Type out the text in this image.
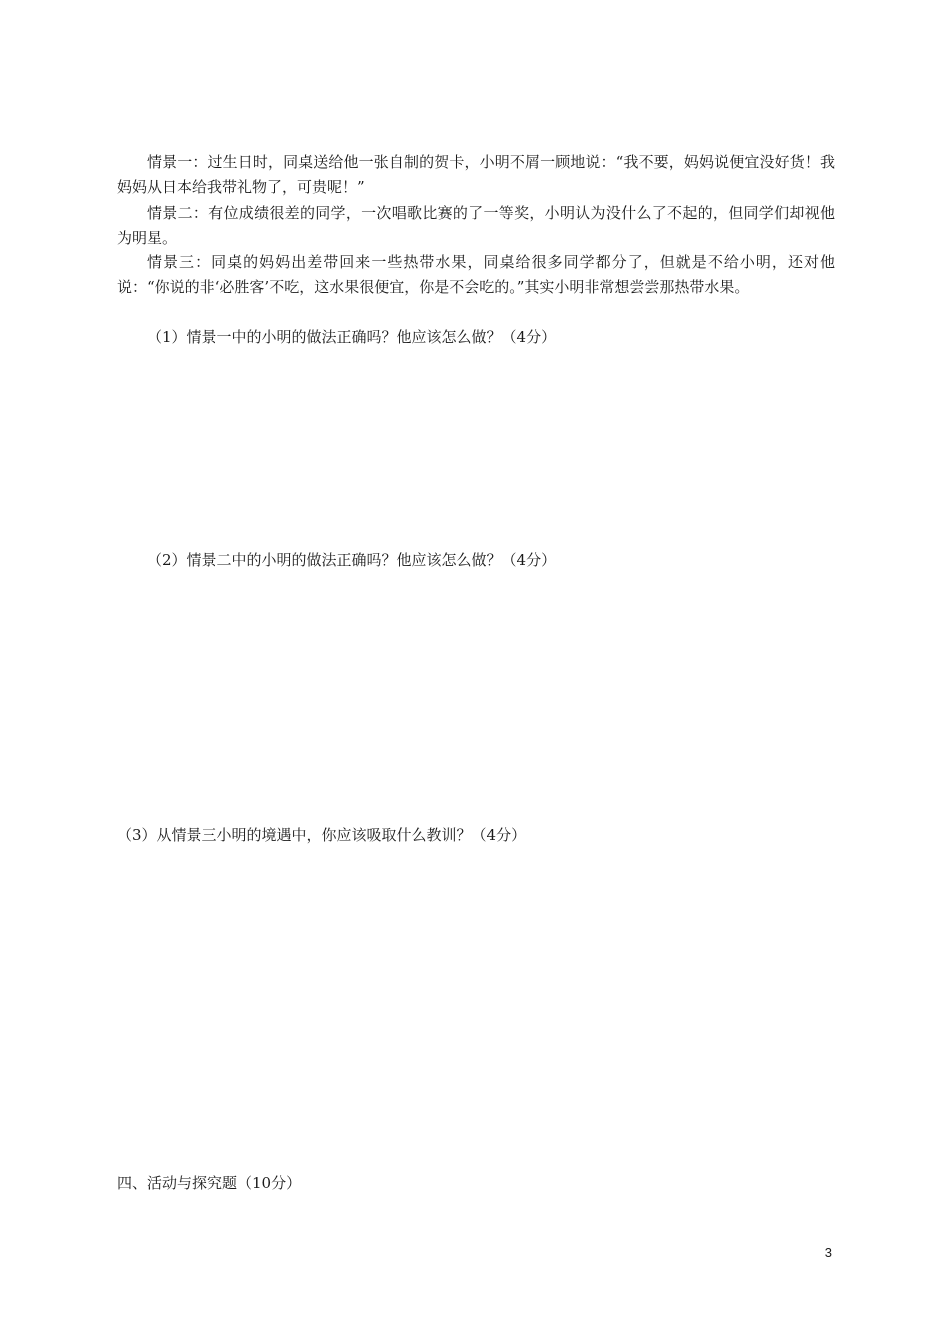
情景一：过生日时，同桌送给他一张自制的贺卡，小明不屑一顾地说：“我不要，妈妈说便宜没好货！我妈妈从日本给我带礼物了，可贵呢！”
情景二：有位成绩很差的同学，一次唱歌比赛的了一等奖，小明认为没什么了不起的，但同学们却视他为明星。
情景三：同桌的妈妈出差带回来一些热带水果，同桌给很多同学都分了，但就是不给小明，还对他说：“你说的非‘必胜客’不吃，这水果很便宜，你是不会吃的。”其实小明非常想尝尝那热带水果。
（1）情景一中的小明的做法正确吗？他应该怎么做？（4分）
（2）情景二中的小明的做法正确吗？他应该怎么做？（4分）
（3）从情景三小明的境遇中，你应该吸取什么教训？（4分）
四、活动与探究题（10分）
3
